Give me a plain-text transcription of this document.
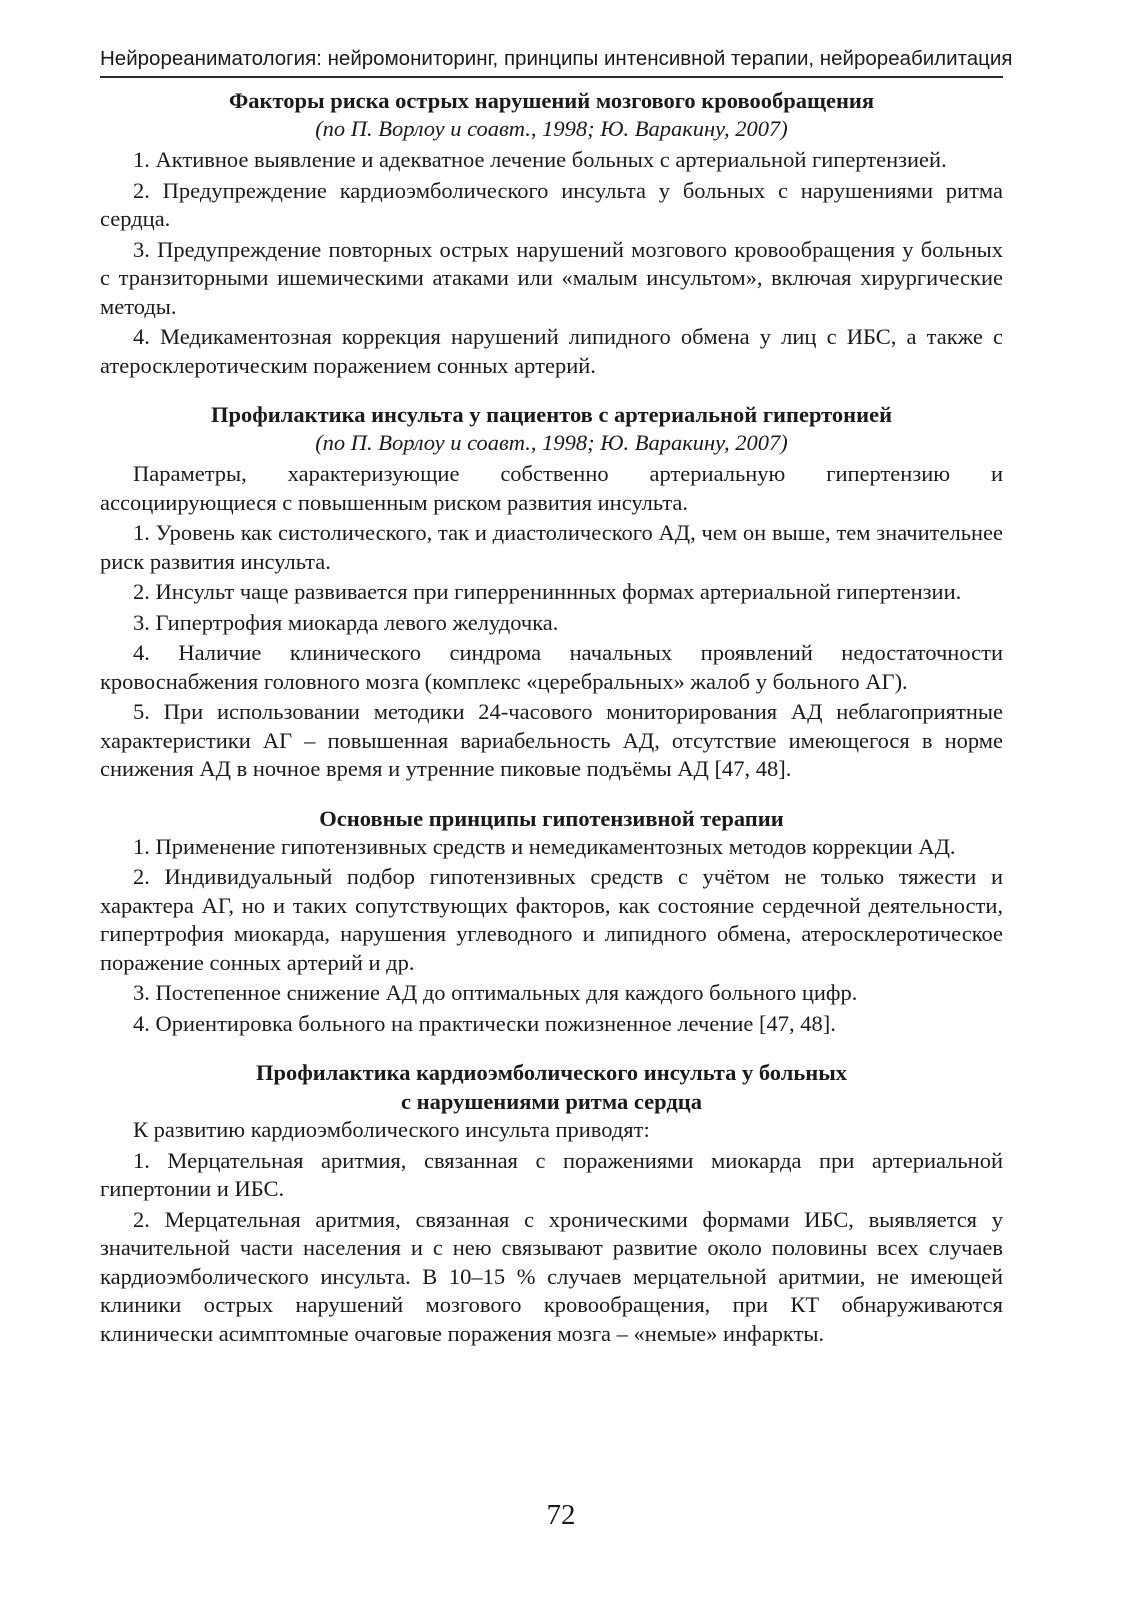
Нейрореаниматология: нейромониторинг, принципы интенсивной терапии, нейрореабилитация
Факторы риска острых нарушений мозгового кровообращения
(по П. Ворлоу и соавт., 1998; Ю. Варакину, 2007)

1. Активное выявление и адекватное лечение больных с артериальной гипертензией.

2. Предупреждение кардиоэмболического инсульта у больных с нарушениями ритма сердца.

3. Предупреждение повторных острых нарушений мозгового кровообращения у больных с транзиторными ишемическими атаками или «малым инсультом», включая хирургические методы.

4. Медикаментозная коррекция нарушений липидного обмена у лиц с ИБС, а также с атеросклеротическим поражением сонных артерий.

Профилактика инсульта у пациентов с артериальной гипертонией
(по П. Ворлоу и соавт., 1998; Ю. Варакину, 2007)

Параметры, характеризующие собственно артериальную гипертензию и ассоциирующиеся с повышенным риском развития инсульта.

1. Уровень как систолического, так и диастолического АД, чем он выше, тем значительнее риск развития инсульта.

2. Инсульт чаще развивается при гиперрениннных формах артериальной гипертензии.

3. Гипертрофия миокарда левого желудочка.

4. Наличие клинического синдрома начальных проявлений недостаточности кровоснабжения головного мозга (комплекс «церебральных» жалоб у больного АГ).

5. При использовании методики 24-часового мониторирования АД неблагоприятные характеристики АГ – повышенная вариабельность АД, отсутствие имеющегося в норме снижения АД в ночное время и утренние пиковые подъёмы АД [47, 48].

Основные принципы гипотензивной терапии

1. Применение гипотензивных средств и немедикаментозных методов коррекции АД.

2. Индивидуальный подбор гипотензивных средств с учётом не только тяжести и характера АГ, но и таких сопутствующих факторов, как состояние сердечной деятельности, гипертрофия миокарда, нарушения углеводного и липидного обмена, атеросклеротическое поражение сонных артерий и др.

3. Постепенное снижение АД до оптимальных для каждого больного цифр.

4. Ориентировка больного на практически пожизненное лечение [47, 48].

Профилактика кардиоэмболического инсульта у больных
с нарушениями ритма сердца

К развитию кардиоэмболического инсульта приводят:

1. Мерцательная аритмия, связанная с поражениями миокарда при артериальной гипертонии и ИБС.

2. Мерцательная аритмия, связанная с хроническими формами ИБС, выявляется у значительной части населения и с нею связывают развитие около половины всех случаев кардиоэмболического инсульта. В 10–15 % случаев мерцательной аритмии, не имеющей клиники острых нарушений мозгового кровообращения, при КТ обнаруживаются клинически асимптомные очаговые поражения мозга – «немые» инфаркты.

72
